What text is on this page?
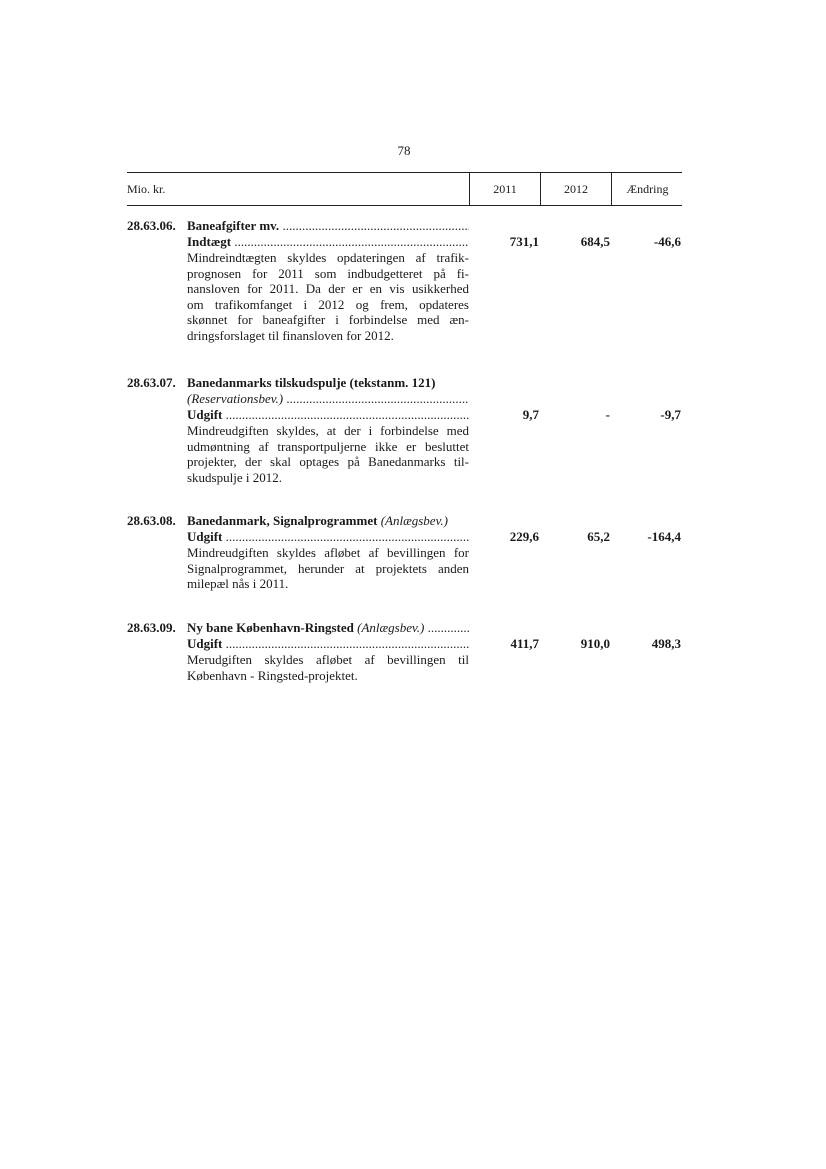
78
Mio. kr.	2011	2012	Ændring
28.63.06. Baneafgifter mv. .....
Indtægt .....	731,1	684,5	-46,6
Mindreindtægten skyldes opdateringen af trafik-
prognosen for 2011 som indbudgetteret på fi-
nansloven for 2011. Da der er en vis usikkerhed
om trafikomfanget i 2012 og frem, opdateres
skønnet for baneafgifter i forbindelse med æn-
dringsforslaget til finansloven for 2012.
28.63.07. Banedanmarks tilskudspulje (tekstanm. 121)
(Reservationsbev.) .....
Udgift .....	9,7	-	-9,7
Mindreudgiften skyldes, at der i forbindelse med
udmøntning af transportpuljerne ikke er besluttet
projekter, der skal optages på Banedanmarks til-
skudspulje i 2012.
28.63.08. Banedanmark, Signalprogrammet (Anlægsbev.)
Udgift .....	229,6	65,2	-164,4
Mindreudgiften skyldes afløbet af bevillingen for
Signalprogrammet, herunder at projektets anden
milepæl nås i 2011.
28.63.09. Ny bane København-Ringsted (Anlægsbev.) .....
Udgift .....	411,7	910,0	498,3
Merudgiften skyldes afløbet af bevillingen til
København - Ringsted-projektet.
